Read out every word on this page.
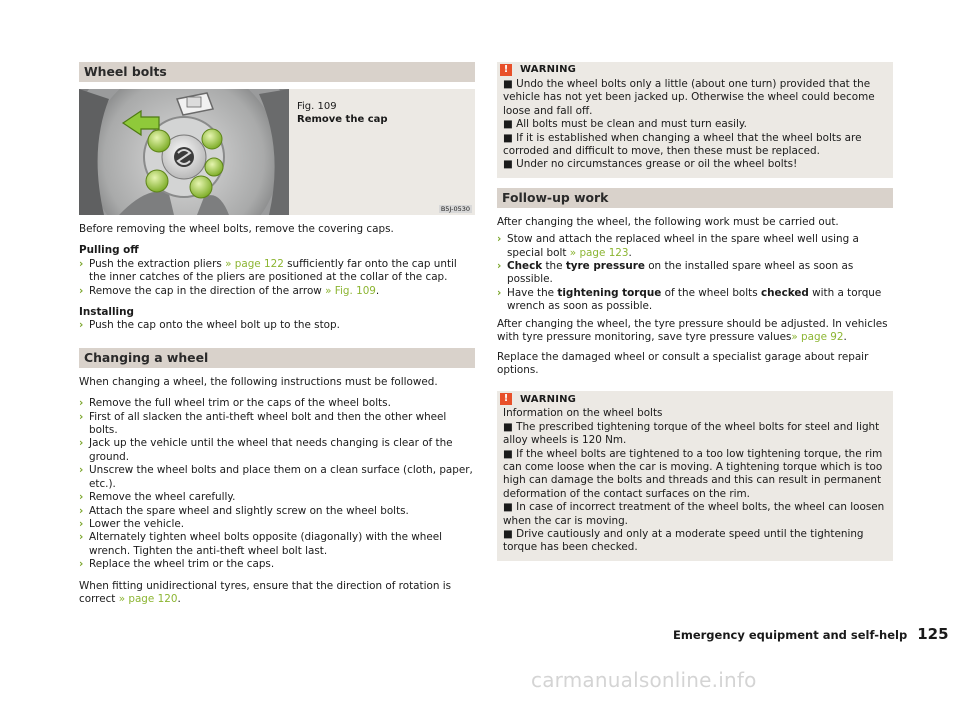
Wheel bolts
Fig. 109
Remove the cap
B5J-0530

Before removing the wheel bolts, remove the covering caps.

Pulling off

› Push the extraction pliers » page 122 sufficiently far onto the cap until the inner catches of the pliers are positioned at the collar of the cap.
› Remove the cap in the direction of the arrow » Fig. 109.

Installing

› Push the cap onto the wheel bolt up to the stop.
Changing a wheel

When changing a wheel, the following instructions must be followed.

› Remove the full wheel trim or the caps of the wheel bolts.
› First of all slacken the anti-theft wheel bolt and then the other wheel bolts.
› Jack up the vehicle until the wheel that needs changing is clear of the ground.
› Unscrew the wheel bolts and place them on a clean surface (cloth, paper, etc.).
› Remove the wheel carefully.
› Attach the spare wheel and slightly screw on the wheel bolts.
› Lower the vehicle.
› Alternately tighten wheel bolts opposite (diagonally) with the wheel wrench. Tighten the anti-theft wheel bolt last.
› Replace the wheel trim or the caps.

When fitting unidirectional tyres, ensure that the direction of rotation is correct » page 120.

!	WARNING
■ Undo the wheel bolts only a little (about one turn) provided that the vehicle has not yet been jacked up. Otherwise the wheel could become loose and fall off.
■ All bolts must be clean and must turn easily.
■ If it is established when changing a wheel that the wheel bolts are corroded and difficult to move, then these must be replaced.
■ Under no circumstances grease or oil the wheel bolts!
Follow-up work

After changing the wheel, the following work must be carried out.

› Stow and attach the replaced wheel in the spare wheel well using a special bolt » page 123.
› Check the tyre pressure on the installed spare wheel as soon as possible.
› Have the tightening torque of the wheel bolts checked with a torque wrench as soon as possible.

After changing the wheel, the tyre pressure should be adjusted. In vehicles with tyre pressure monitoring, save tyre pressure values» page 92.

Replace the damaged wheel or consult a specialist garage about repair options.

!	WARNING
Information on the wheel bolts
■ The prescribed tightening torque of the wheel bolts for steel and light alloy wheels is 120 Nm.
■ If the wheel bolts are tightened to a too low tightening torque, the rim can come loose when the car is moving. A tightening torque which is too high can damage the bolts and threads and this can result in permanent deformation of the contact surfaces on the rim.
■ In case of incorrect treatment of the wheel bolts, the wheel can loosen when the car is moving.
■ Drive cautiously and only at a moderate speed until the tightening torque has been checked.
Emergency equipment and self-help 125
carmanualsonline.info
